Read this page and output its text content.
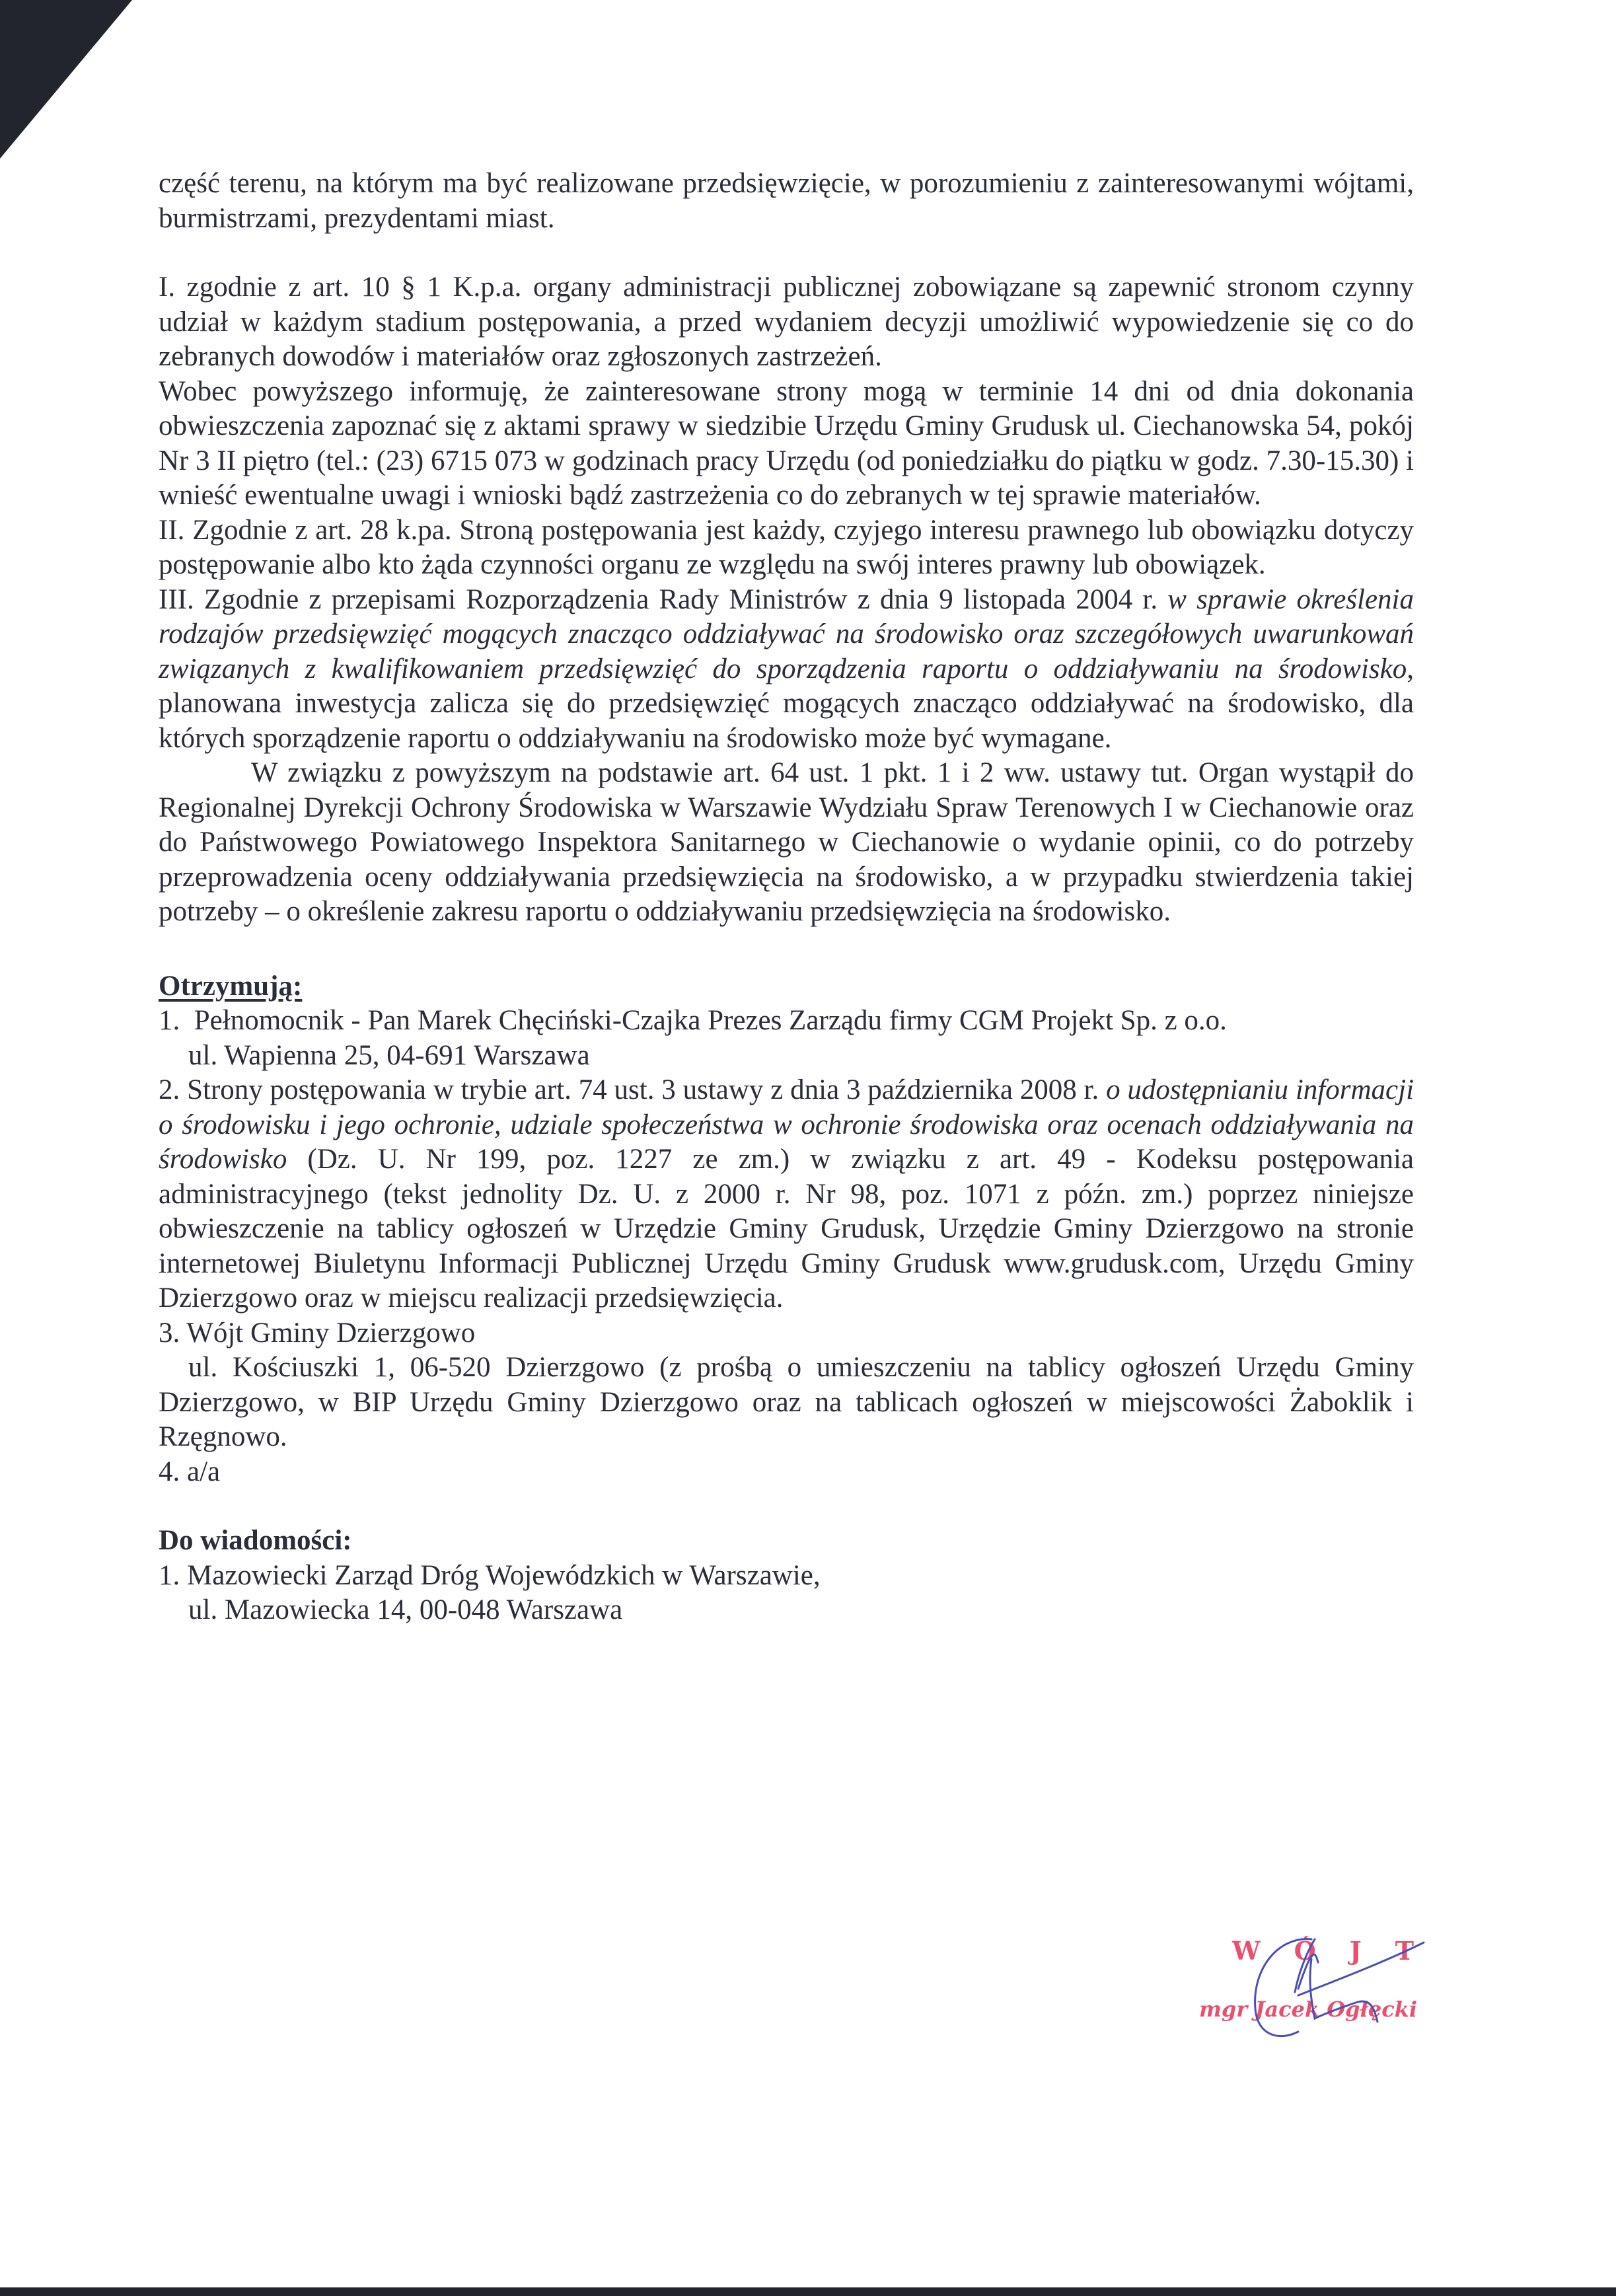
część terenu, na którym ma być realizowane przedsięwzięcie, w porozumieniu z zainteresowanymi wójtami, burmistrzami, prezydentami miast.

I. zgodnie z art. 10 § 1 K.p.a. organy administracji publicznej zobowiązane są zapewnić stronom czynny udział w każdym stadium postępowania, a przed wydaniem decyzji umożliwić wypowiedzenie się co do zebranych dowodów i materiałów oraz zgłoszonych zastrzeżeń.

Wobec powyższego informuję, że zainteresowane strony mogą w terminie 14 dni od dnia dokonania obwieszczenia zapoznać się z aktami sprawy w siedzibie Urzędu Gminy Grudusk ul. Ciechanowska 54, pokój Nr 3 II piętro (tel.: (23) 6715 073 w godzinach pracy Urzędu (od poniedziałku do piątku w godz. 7.30-15.30) i wnieść ewentualne uwagi i wnioski bądź zastrzeżenia co do zebranych w tej sprawie materiałów.

II. Zgodnie z art. 28 k.pa. Stroną postępowania jest każdy, czyjego interesu prawnego lub obowiązku dotyczy postępowanie albo kto żąda czynności organu ze względu na swój interes prawny lub obowiązek.

III. Zgodnie z przepisami Rozporządzenia Rady Ministrów z dnia 9 listopada 2004 r. w sprawie określenia rodzajów przedsięwzięć mogących znacząco oddziaływać na środowisko oraz szczegółowych uwarunkowań związanych z kwalifikowaniem przedsięwzięć do sporządzenia raportu o oddziaływaniu na środowisko, planowana inwestycja zalicza się do przedsięwzięć mogących znacząco oddziaływać na środowisko, dla których sporządzenie raportu o oddziaływaniu na środowisko może być wymagane.

W związku z powyższym na podstawie art. 64 ust. 1 pkt. 1 i 2 ww. ustawy tut. Organ wystąpił do Regionalnej Dyrekcji Ochrony Środowiska w Warszawie Wydziału Spraw Terenowych I w Ciechanowie oraz do Państwowego Powiatowego Inspektora Sanitarnego w Ciechanowie o wydanie opinii, co do potrzeby przeprowadzenia oceny oddziaływania przedsięwzięcia na środowisko, a w przypadku stwierdzenia takiej potrzeby – o określenie zakresu raportu o oddziaływaniu przedsięwzięcia na środowisko.

Otrzymują:

1. Pełnomocnik - Pan Marek Chęciński-Czajka Prezes Zarządu firmy CGM Projekt Sp. z o.o.

ul. Wapienna 25, 04-691 Warszawa

2. Strony postępowania w trybie art. 74 ust. 3 ustawy z dnia 3 października 2008 r. o udostępnianiu informacji o środowisku i jego ochronie, udziale społeczeństwa w ochronie środowiska oraz ocenach oddziaływania na środowisko (Dz. U. Nr 199, poz. 1227 ze zm.) w związku z art. 49 - Kodeksu postępowania administracyjnego (tekst jednolity Dz. U. z 2000 r. Nr 98, poz. 1071 z późn. zm.) poprzez niniejsze obwieszczenie na tablicy ogłoszeń w Urzędzie Gminy Grudusk, Urzędzie Gminy Dzierzgowo na stronie internetowej Biuletynu Informacji Publicznej Urzędu Gminy Grudusk www.grudusk.com, Urzędu Gminy Dzierzgowo oraz w miejscu realizacji przedsięwzięcia.

3. Wójt Gminy Dzierzgowo

ul. Kościuszki 1, 06-520 Dzierzgowo (z prośbą o umieszczeniu na tablicy ogłoszeń Urzędu Gminy Dzierzgowo, w BIP Urzędu Gminy Dzierzgowo oraz na tablicach ogłoszeń w miejscowości Żaboklik i Rzęgnowo.

4. a/a

Do wiadomości:

1. Mazowiecki Zarząd Dróg Wojewódzkich w Warszawie,

ul. Mazowiecka 14, 00-048 Warszawa

W Ó J T
mgr Jacek Ogłęcki
